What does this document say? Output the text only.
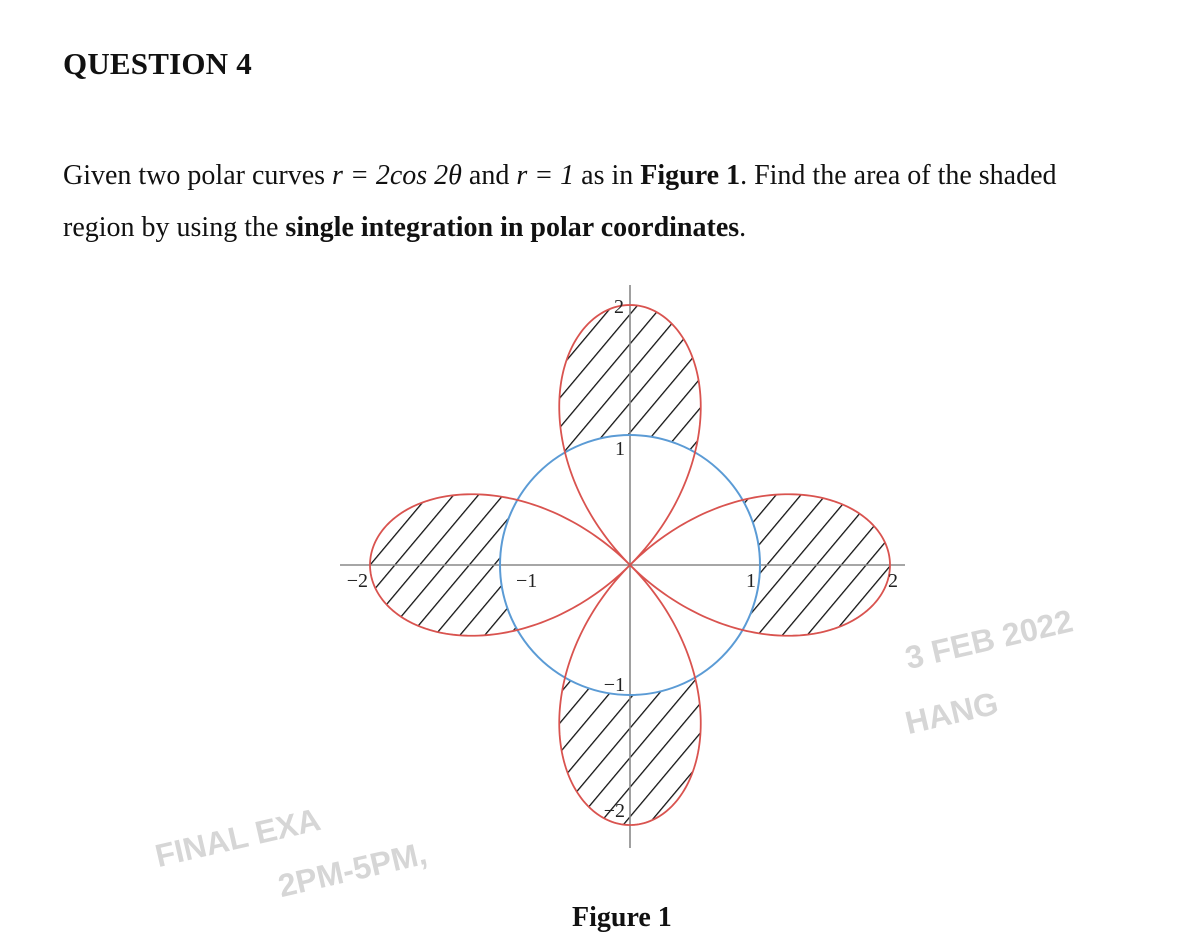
QUESTION 4
Given two polar curves r = 2cos 2θ and r = 1 as in Figure 1. Find the area of the shaded
region by using the single integration in polar coordinates.
−2	−1	1	2
2
1
−1
−2
Figure 1
FINAL EXA
2PM-5PM,
3 FEB 2022
HANG
